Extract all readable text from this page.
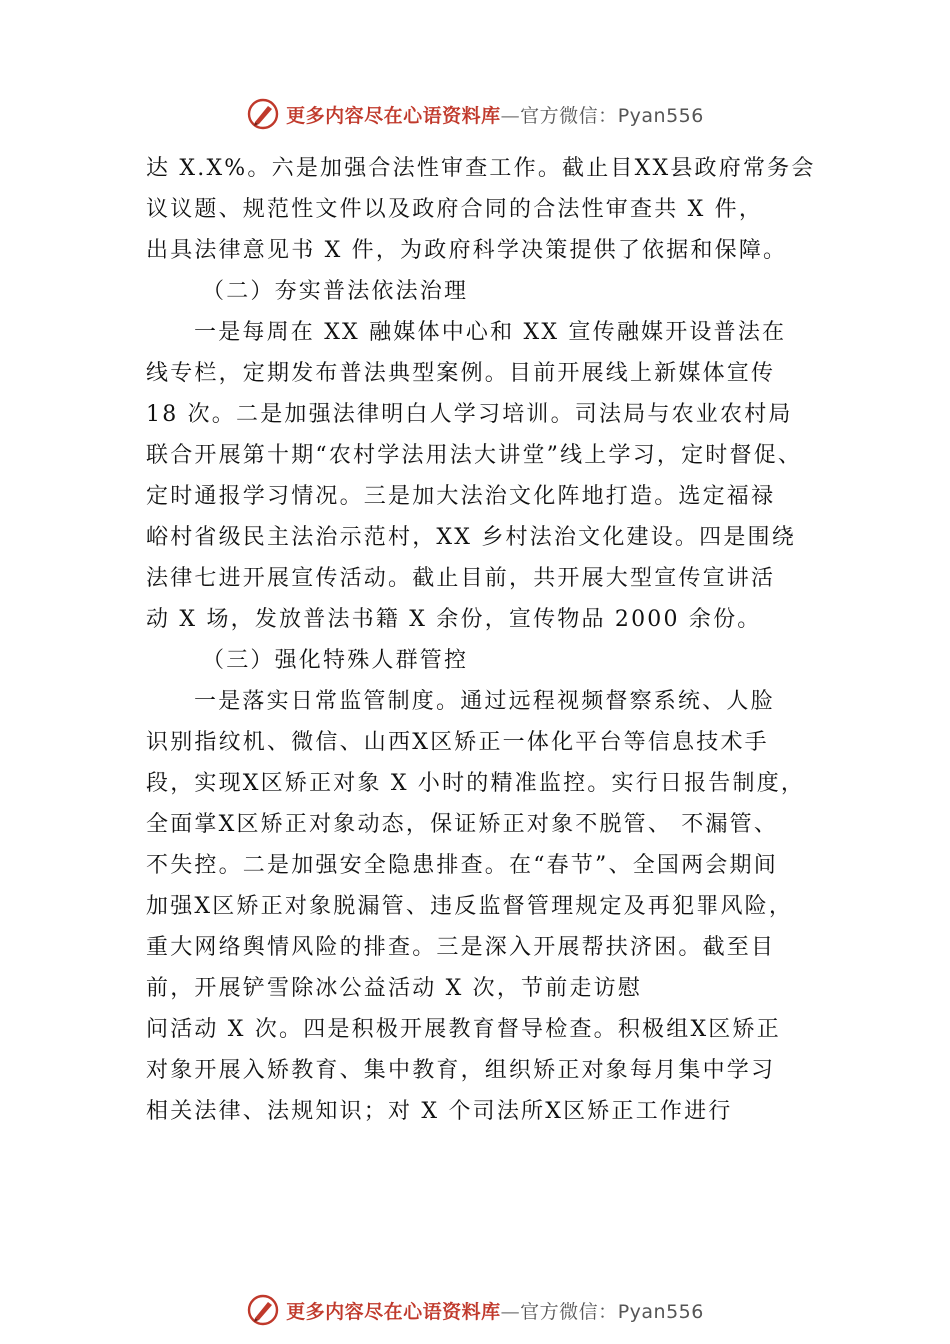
更多内容尽在心语资料库—官方微信：Pyan556
达 X.X%。六是加强合法性审查工作。截止目XX县政府常务会
议议题、规范性文件以及政府合同的合法性审查共 X 件，
出具法律意见书 X 件，为政府科学决策提供了依据和保障。
（二）夯实普法依法治理
一是每周在 XX 融媒体中心和 XX 宣传融媒开设普法在
线专栏，定期发布普法典型案例。目前开展线上新媒体宣传
18 次。二是加强法律明白人学习培训。司法局与农业农村局
联合开展第十期“农村学法用法大讲堂”线上学习，定时督促、
定时通报学习情况。三是加大法治文化阵地打造。选定福禄
峪村省级民主法治示范村，XX 乡村法治文化建设。四是围绕
法律七进开展宣传活动。截止目前，共开展大型宣传宣讲活
动 X 场，发放普法书籍 X 余份，宣传物品 2000 余份。
（三）强化特殊人群管控
一是落实日常监管制度。通过远程视频督察系统、人脸
识别指纹机、微信、山西X区矫正一体化平台等信息技术手
段，实现X区矫正对象 X 小时的精准监控。实行日报告制度，
全面掌X区矫正对象动态，保证矫正对象不脱管、 不漏管、
不失控。二是加强安全隐患排查。在“春节”、全国两会期间
加强X区矫正对象脱漏管、违反监督管理规定及再犯罪风险，
重大网络舆情风险的排查。三是深入开展帮扶济困。截至目
前，开展铲雪除冰公益活动 X 次，节前走访慰
问活动 X 次。四是积极开展教育督导检查。积极组X区矫正
对象开展入矫教育、集中教育，组织矫正对象每月集中学习
相关法律、法规知识；对 X 个司法所X区矫正工作进行
更多内容尽在心语资料库—官方微信：Pyan556
